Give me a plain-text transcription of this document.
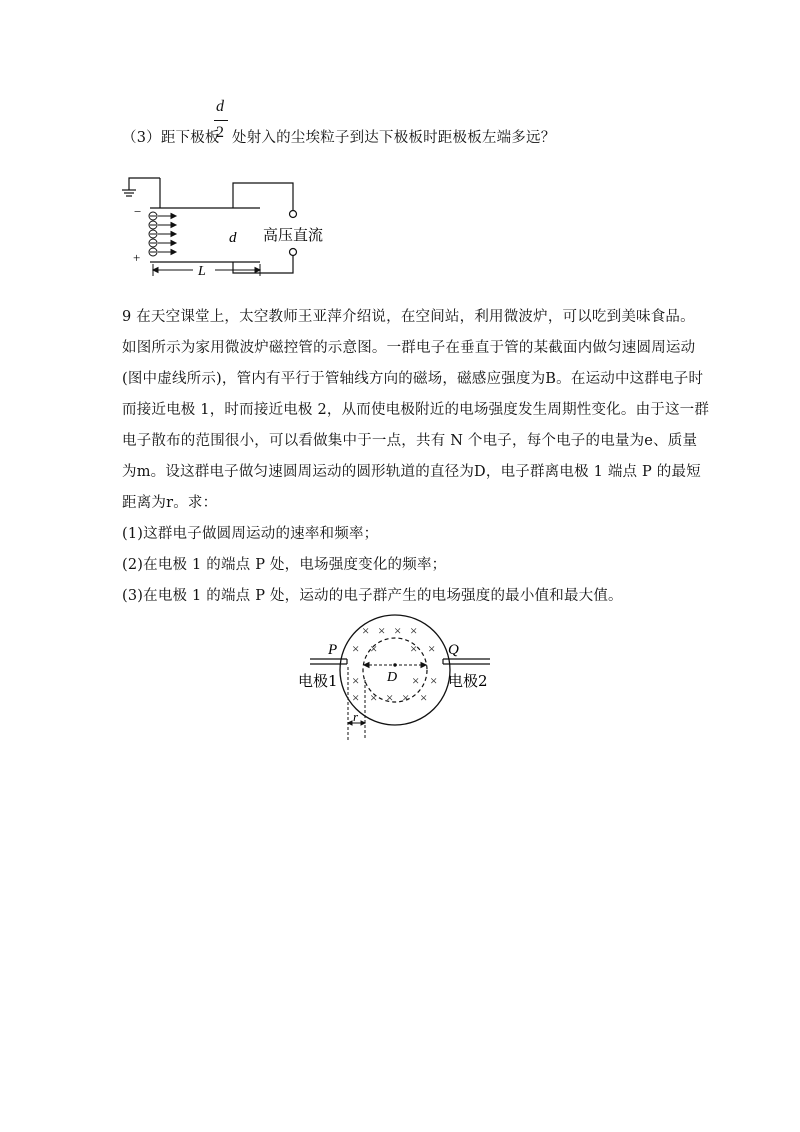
（3）距下极板
d
2 处射入的尘埃粒子到达下极板时距极板左端多远？
−
高压直流
d
+
L
9 在天空课堂上，太空教师王亚萍介绍说，在空间站，利用微波炉，可以吃到美味食品。
如图所示为家用微波炉磁控管的示意图。一群电子在垂直于管的某截面内做匀速圆周运动
(图中虚线所示)，管内有平行于管轴线方向的磁场，磁感应强度为B。在运动中这群电子时
而接近电极 1，时而接近电极 2，从而使电极附近的电场强度发生周期性变化。由于这一群
电子散布的范围很小，可以看做集中于一点，共有 N 个电子，每个电子的电量为e、质量
为m。设这群电子做匀速圆周运动的圆形轨道的直径为D，电子群离电极 1 端点 P 的最短
距离为r。求：
(1)这群电子做圆周运动的速率和频率；
(2)在电极 1 的端点 P 处，电场强度变化的频率；
(3)在电极 1 的端点 P 处，运动的电子群产生的电场强度的最小值和最大值。
P	Q
电极1	电极2
× × × ×
× ×	× ×
×	× ×
× × × × ×
D
r
